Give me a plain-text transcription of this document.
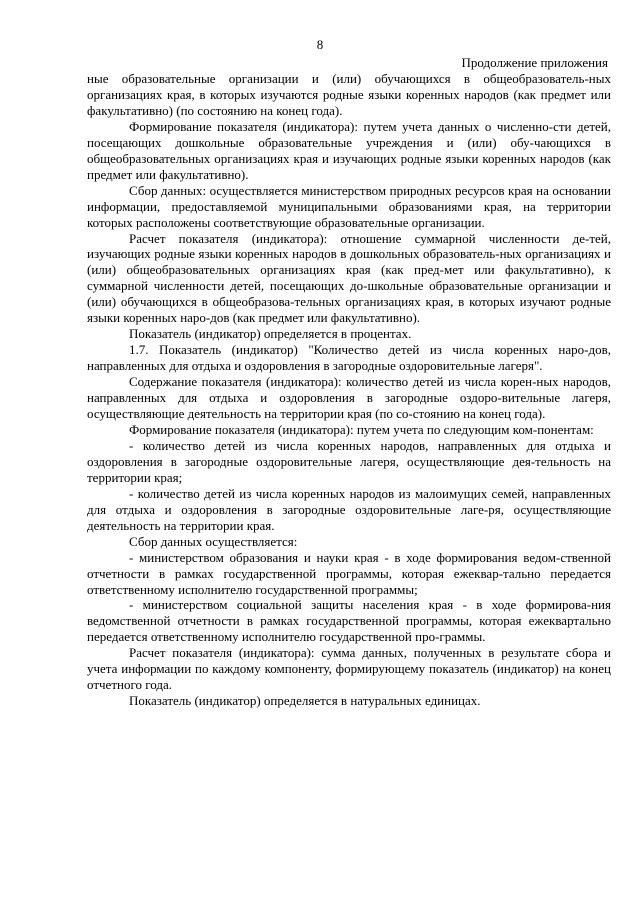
8
Продолжение приложения

ные образовательные организации и (или) обучающихся в общеобразователь-ных организациях края, в которых изучаются родные языки коренных народов (как предмет или факультативно) (по состоянию на конец года).

Формирование показателя (индикатора): путем учета данных о численно-сти детей, посещающих дошкольные образовательные учреждения и (или) обу-чающихся в общеобразовательных организациях края и изучающих родные языки коренных народов (как предмет или факультативно).

Сбор данных: осуществляется министерством природных ресурсов края на основании информации, предоставляемой муниципальными образованиями края, на территории которых расположены соответствующие образовательные организации.

Расчет показателя (индикатора): отношение суммарной численности де-тей, изучающих родные языки коренных народов в дошкольных образователь-ных организациях и (или) общеобразовательных организациях края (как пред-мет или факультативно), к суммарной численности детей, посещающих до-школьные образовательные организации и (или) обучающихся в общеобразова-тельных организациях края, в которых изучают родные языки коренных наро-дов (как предмет или факультативно).

Показатель (индикатор) определяется в процентах.

1.7. Показатель (индикатор) "Количество детей из числа коренных наро-дов, направленных для отдыха и оздоровления в загородные оздоровительные лагеря".

Содержание показателя (индикатора): количество детей из числа корен-ных народов, направленных для отдыха и оздоровления в загородные оздоро-вительные лагеря, осуществляющие деятельность на территории края (по со-стоянию на конец года).

Формирование показателя (индикатора): путем учета по следующим ком-понентам:

- количество детей из числа коренных народов, направленных для отдыха и оздоровления в загородные оздоровительные лагеря, осуществляющие дея-тельность на территории края;

- количество детей из числа коренных народов из малоимущих семей, направленных для отдыха и оздоровления в загородные оздоровительные лаге-ря, осуществляющие деятельность на территории края.

Сбор данных осуществляется:

- министерством образования и науки края - в ходе формирования ведом-ственной отчетности в рамках государственной программы, которая ежеквар-тально передается ответственному исполнителю государственной программы;

- министерством социальной защиты населения края - в ходе формирова-ния ведомственной отчетности в рамках государственной программы, которая ежеквартально передается ответственному исполнителю государственной про-граммы.

Расчет показателя (индикатора): сумма данных, полученных в результате сбора и учета информации по каждому компоненту, формирующему показатель (индикатор) на конец отчетного года.

Показатель (индикатор) определяется в натуральных единицах.
